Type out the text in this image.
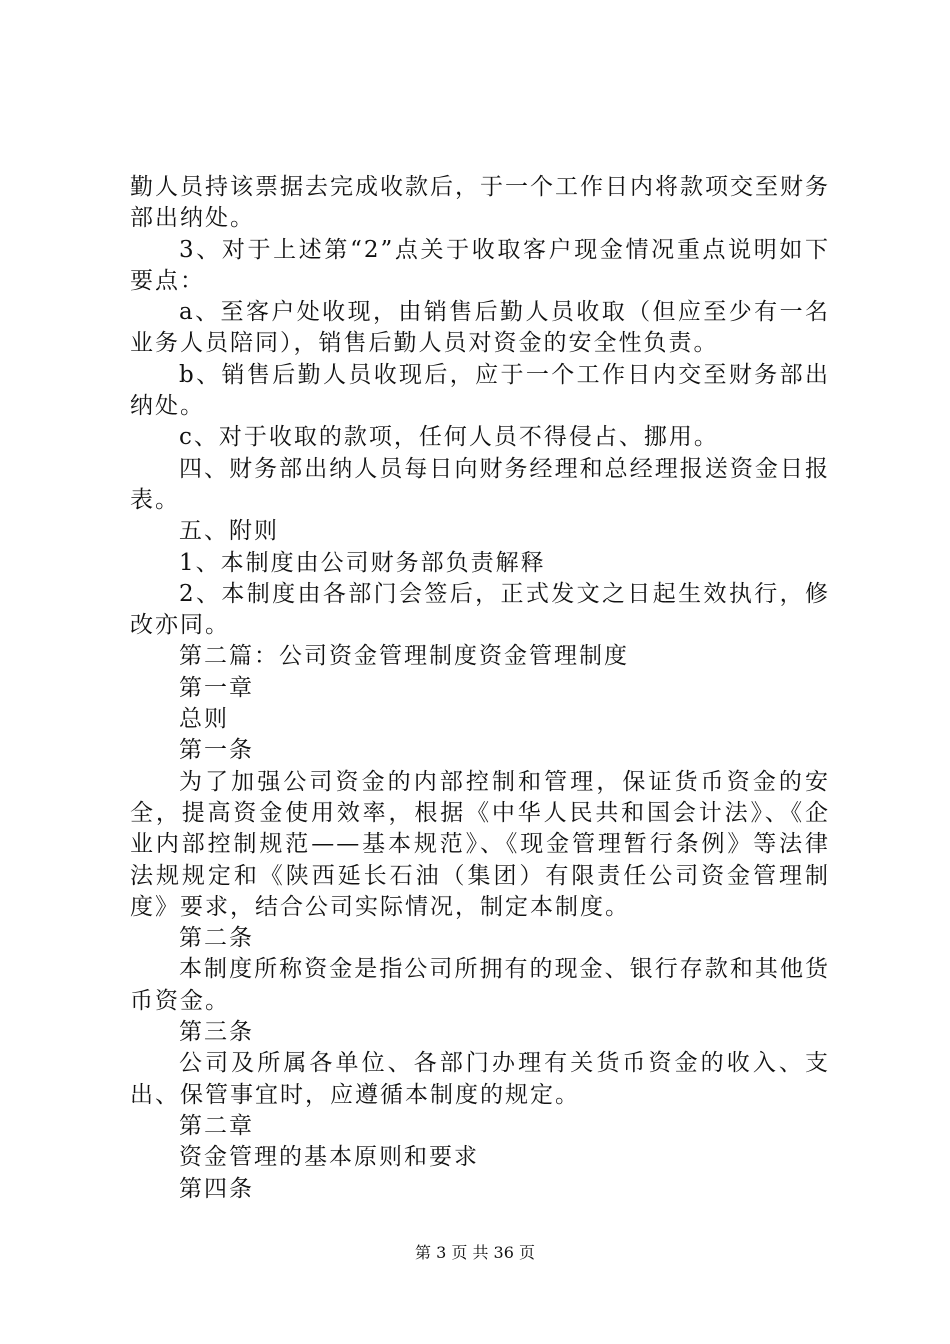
勤人员持该票据去完成收款后，于一个工作日内将款项交至财务部出纳处。

3、对于上述第“2”点关于收取客户现金情况重点说明如下要点：

a、至客户处收现，由销售后勤人员收取（但应至少有一名业务人员陪同），销售后勤人员对资金的安全性负责。

b、销售后勤人员收现后，应于一个工作日内交至财务部出纳处。

c、对于收取的款项，任何人员不得侵占、挪用。

四、财务部出纳人员每日向财务经理和总经理报送资金日报表。

五、附则

1、本制度由公司财务部负责解释

2、本制度由各部门会签后，正式发文之日起生效执行，修改亦同。

第二篇：公司资金管理制度资金管理制度

第一章

总则

第一条

为了加强公司资金的内部控制和管理，保证货币资金的安全，提高资金使用效率，根据《中华人民共和国会计法》、《企业内部控制规范——基本规范》、《现金管理暂行条例》等法律法规规定和《陕西延长石油（集团）有限责任公司资金管理制度》要求，结合公司实际情况，制定本制度。

第二条

本制度所称资金是指公司所拥有的现金、银行存款和其他货币资金。

第三条

公司及所属各单位、各部门办理有关货币资金的收入、支出、保管事宜时，应遵循本制度的规定。

第二章

资金管理的基本原则和要求

第四条

第 3 页 共 36 页
